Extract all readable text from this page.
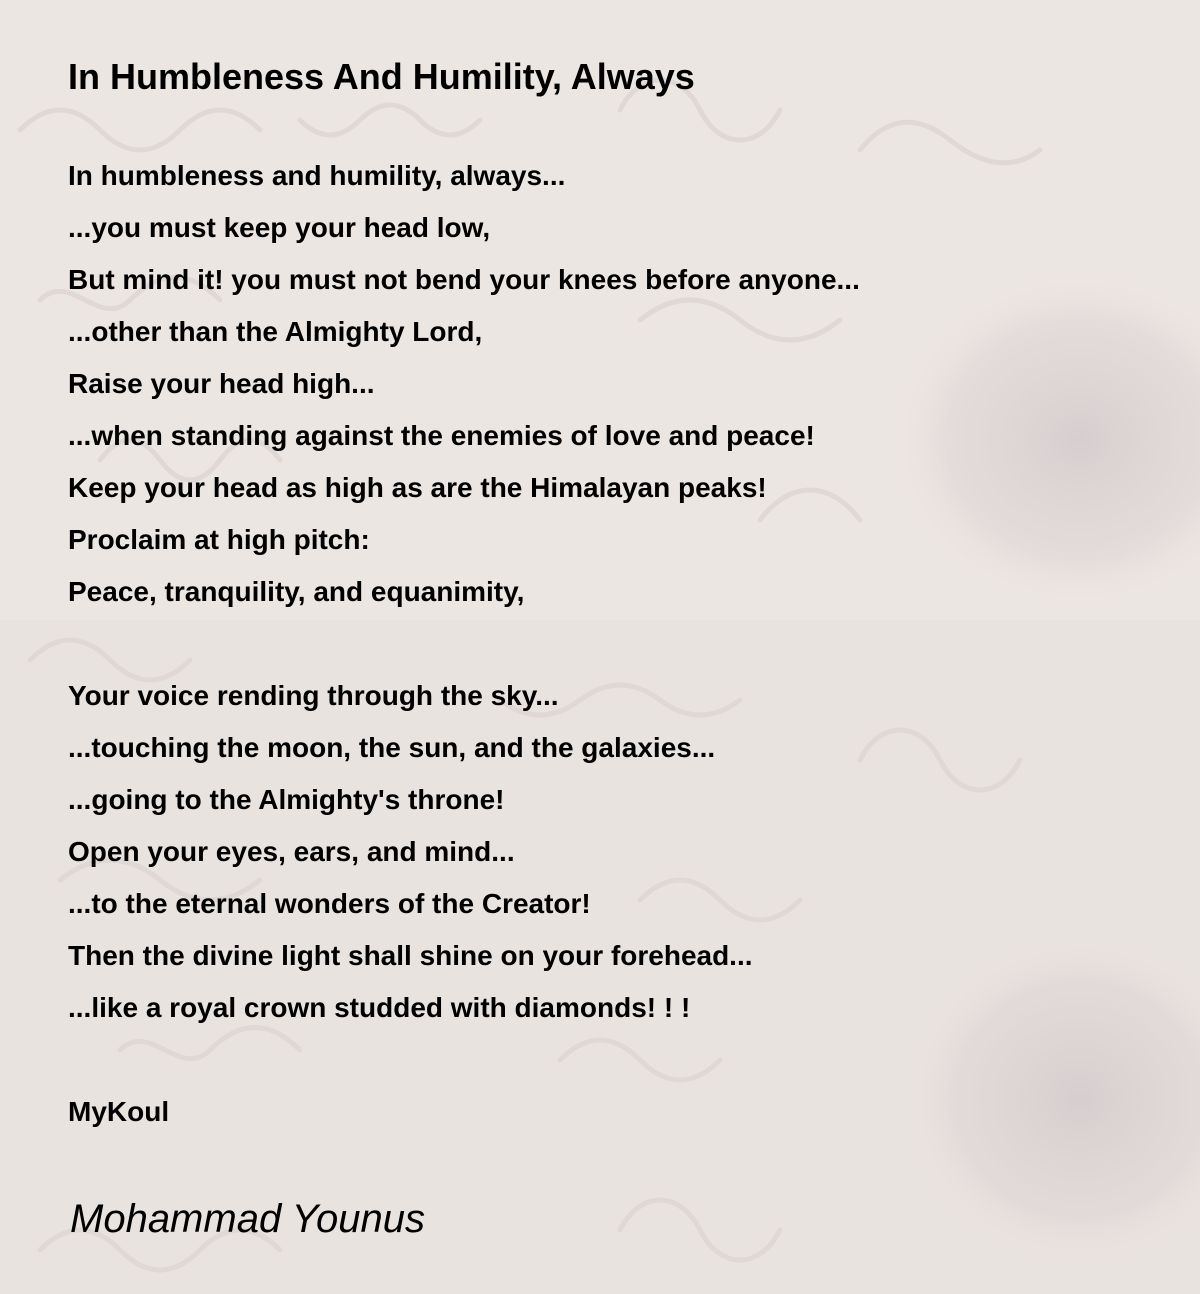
In Humbleness And Humility, Always
In humbleness and humility, always...
...you must keep your head low,
But mind it! you must not bend your knees before anyone...
...other than the Almighty Lord,
Raise your head high...
...when standing against the enemies of love and peace!
Keep your head as high as are the Himalayan peaks!
Proclaim at high pitch:
Peace, tranquility, and equanimity,
Your voice rending through the sky...
...touching the moon, the sun, and the galaxies...
...going to the Almighty's throne!
Open your eyes, ears, and mind...
...to the eternal wonders of the Creator!
Then the divine light shall shine on your forehead...
...like a royal crown studded with diamonds! ! !
MyKoul
Mohammad Younus
